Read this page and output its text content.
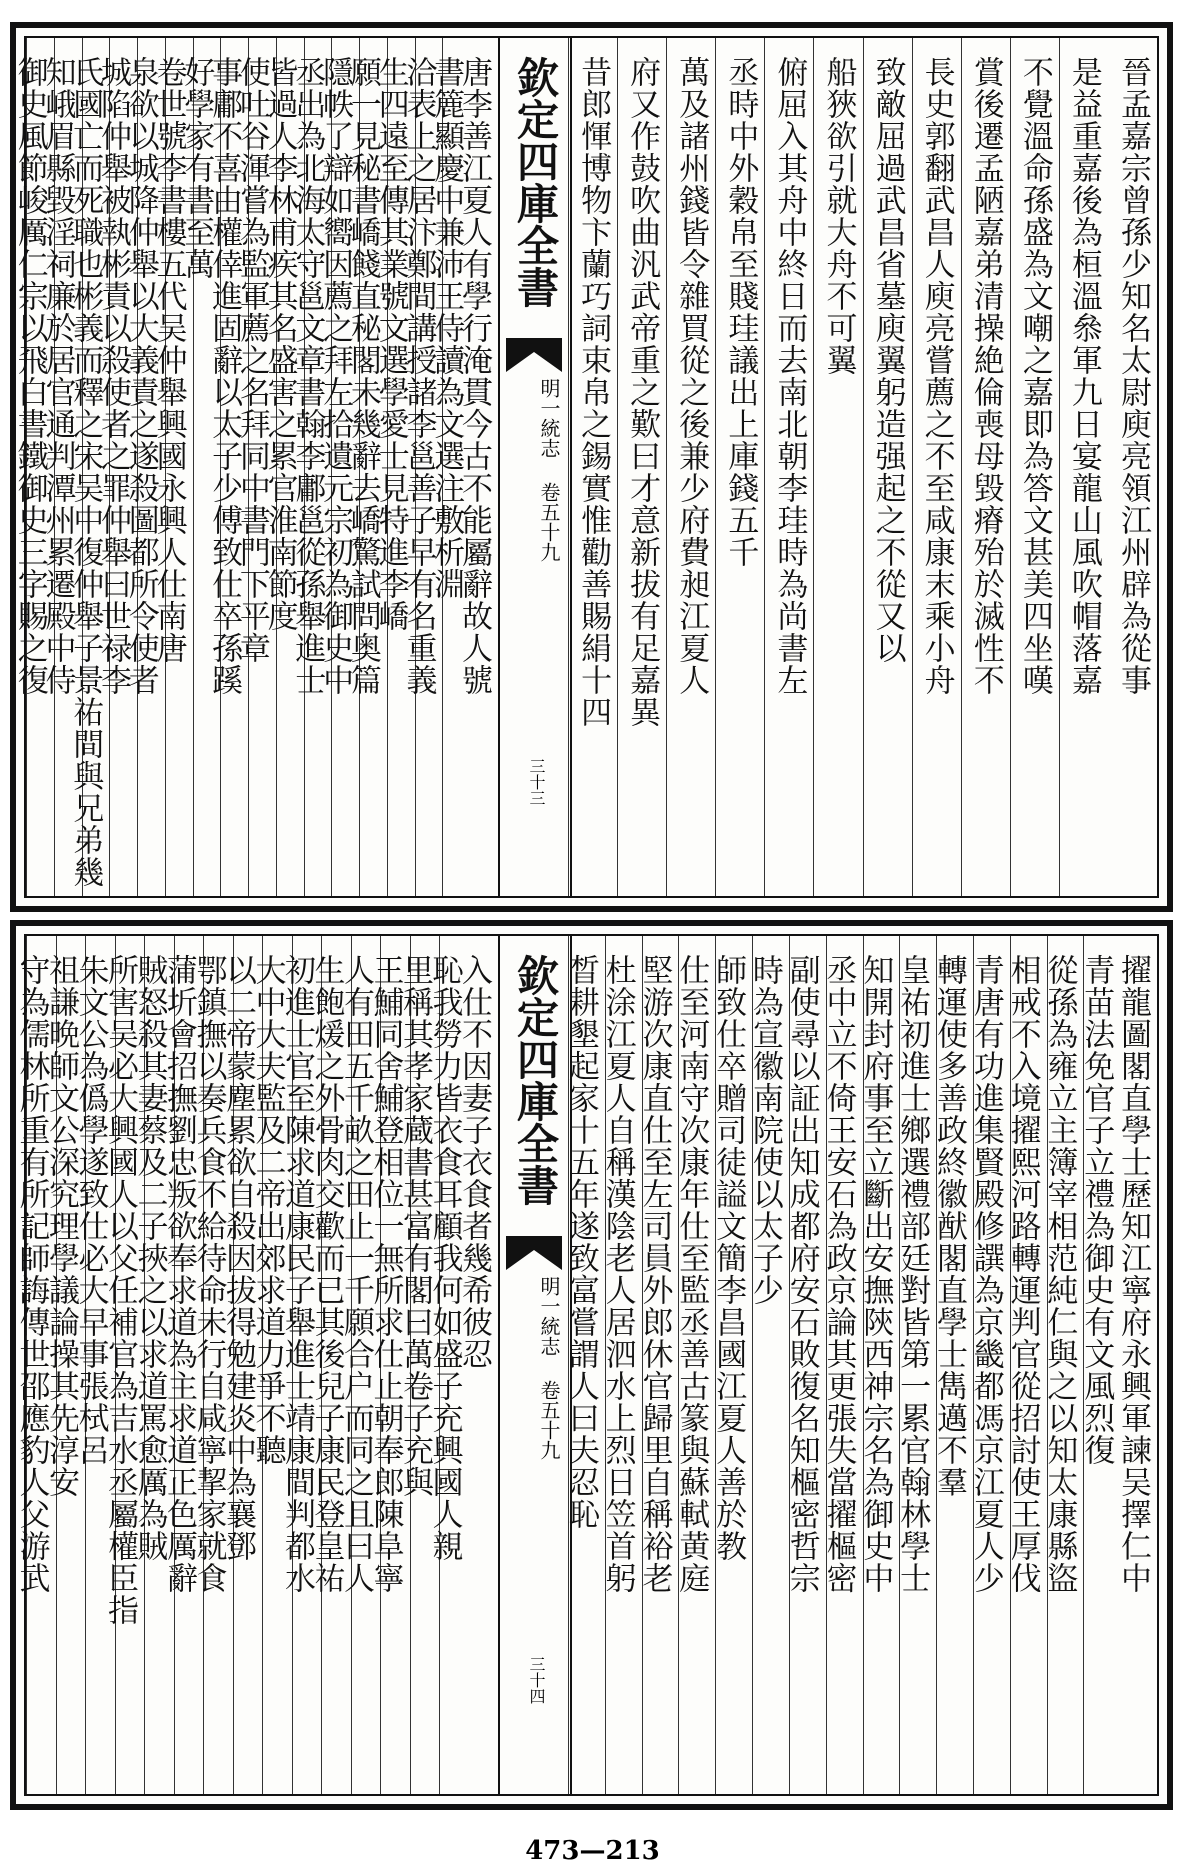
欽定四庫全書
明一統志 卷五十九
三十三
晉孟嘉宗曾孫少知名太尉庾亮領江州辟為從事
是益重嘉後為桓溫叅軍九日宴龍山風吹帽落嘉
不覺溫命孫盛為文嘲之嘉即為答文甚美四坐嘆
賞後遷孟陋嘉弟清操絶倫喪母毀瘠殆於滅性不
長史郭翻武昌人庾亮嘗薦之不至咸康末乘小舟
致敵屈過武昌省墓庾翼躬造强起之不從又以
船狹欲引就大舟不可翼
俯屈入其舟中終日而去南北朝李珪時為尚書左
丞時中外穀帛至賤珪議出上庫錢五千
萬及諸州錢皆令雜買從之後兼少府費昶江夏人
府又作鼓吹曲汎武帝重之歎曰才意新拔有足嘉異
昔郎惲博物卞蘭巧詞束帛之錫實惟勸善賜絹十四
唐李善江夏人有學行淹貫今古不能屬辭故人號
書簏顯慶中兼沛王侍讀為文選注敷析淵
洽表上之居汴鄭間講授諸李邕善子早有名重義
生四遠至傳其業號文選學愛士見特進李嶠
願一見秘書嶠餞直秘閣未幾辭去嶠驚試問奥篇
隱帙了辯如嚮因薦之拜左拾遺元宗初為御史中
丞出為北海太守邕文章書翰李鄘邕從孫舉進士
皆過人李林甫疾其名盛害之累官淮南節度
使吐谷渾嘗為監軍薦之名拜同中書門下平章
事鄘不喜由權倖進固辭以太子少傅致仕卒孫蹊
好學家有書至萬
卷世號李書樓五代吴仲舉興國永興人仕南唐
泉欲以城降仲舉以大義責之遂殺圖都所令使者
城陷仲舉被執彬責以殺使者之罪仲舉曰世禄李
氏國亡而死職也彬義而釋之宋吴中復仲舉子景祐間與兄弟幾
知峨眉縣毀淫祠廉於居官通判潭州累遷殿中侍
御史風節峻厲仁宗以飛白書鐵御史三字賜之復
欽定四庫全書
明一統志 卷五十九
三十四
擢龍圖閣直學士歷知江寧府永興軍諫吴擇仁中
青苗法免官子立禮為御史有文風烈復
從孫為雍立主簿宰相范純仁與之以知太康縣盜
相戒不入境擢熙河路轉運判官從招討使王厚伐
青唐有功進集賢殿修譔為京畿都馮京江夏人少
轉運使多善政終徽猷閣直學士雋邁不羣
皇祐初進士鄉選禮部廷對皆第一累官翰林學士
知開封府事至立斷出安撫陝西神宗名為御史中
丞中立不倚王安石為政京論其更張失當擢樞密
副使尋以証出知成都府安石敗復名知樞密哲宗
時為宣徽南院使以太子少
師致仕卒贈司徒謚文簡李昌國江夏人善於教
仕至河南守次康年仕至監丞善古篆與蘇軾黄庭
堅游次康直仕至左司員外郎休官歸里自稱裕老
杜涂江夏人自稱漢陰老人居泗水上烈日笠首躬
晳耕墾起家十五年遂致富嘗謂人曰夫忍恥
入仕不因妻子衣食者幾希彼忍
恥我勞力皆衣食耳顧我何如盛子充興國人親
里稱其孝家蔵書甚富有閣曰萬卷子充與
王鯆同舍鯆登相位一無所求仕止朝奉郎陳阜寧
人有田五千畝之田止一千願合户而同之且曰人
生飽煖之外骨肉交歡而已其後兒子康民登皇祐
初進士官至陳求道康民子舉進士靖康間判都水
大中大夫監及二帝出郊求道力爭不聽
以二帝蒙塵累欲自殺因拔得勉建炎中為襄鄧
鄂鎮撫以奏兵食不給待命未行自咸寧挈家就食
蒲圻會招撫劉忠叛欲奉求道為主求道正色厲辭
賊怒殺其妻蔡及二子挾之以求道罵愈厲為賊
所害吴必大興國人以父任補官為吉水丞屬權臣指
朱文公為僞學遂致仕必大早事張栻呂
祖謙晩師文公深究理學議論操其先淳安
守為儒林所重有所記師誨傳世邵應豹人父游武
473—213
